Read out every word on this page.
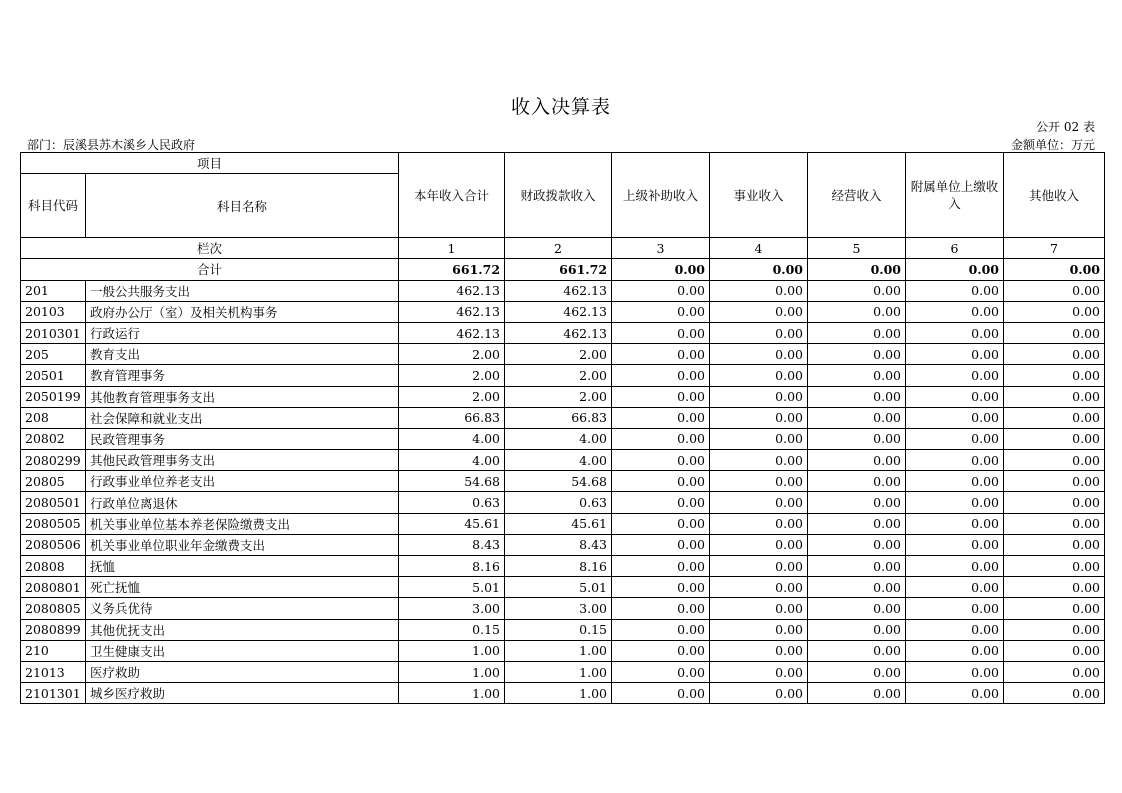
收入决算表
公开 02 表
部门：辰溪县苏木溪乡人民政府	金额单位：万元
项目		本年收入合计	财政拨款收入	上级补助收入	事业收入	经营收入	附属单位上缴收入	其他收入
科目代码	科目名称							
栏次		1	2	3	4	5	6	7
合计		661.72	661.72	0.00	0.00	0.00	0.00	0.00
201	一般公共服务支出	462.13	462.13	0.00	0.00	0.00	0.00	0.00
20103	政府办公厅（室）及相关机构事务	462.13	462.13	0.00	0.00	0.00	0.00	0.00
2010301	行政运行	462.13	462.13	0.00	0.00	0.00	0.00	0.00
205	教育支出	2.00	2.00	0.00	0.00	0.00	0.00	0.00
20501	教育管理事务	2.00	2.00	0.00	0.00	0.00	0.00	0.00
2050199	其他教育管理事务支出	2.00	2.00	0.00	0.00	0.00	0.00	0.00
208	社会保障和就业支出	66.83	66.83	0.00	0.00	0.00	0.00	0.00
20802	民政管理事务	4.00	4.00	0.00	0.00	0.00	0.00	0.00
2080299	其他民政管理事务支出	4.00	4.00	0.00	0.00	0.00	0.00	0.00
20805	行政事业单位养老支出	54.68	54.68	0.00	0.00	0.00	0.00	0.00
2080501	行政单位离退休	0.63	0.63	0.00	0.00	0.00	0.00	0.00
2080505	机关事业单位基本养老保险缴费支出	45.61	45.61	0.00	0.00	0.00	0.00	0.00
2080506	机关事业单位职业年金缴费支出	8.43	8.43	0.00	0.00	0.00	0.00	0.00
20808	抚恤	8.16	8.16	0.00	0.00	0.00	0.00	0.00
2080801	死亡抚恤	5.01	5.01	0.00	0.00	0.00	0.00	0.00
2080805	义务兵优待	3.00	3.00	0.00	0.00	0.00	0.00	0.00
2080899	其他优抚支出	0.15	0.15	0.00	0.00	0.00	0.00	0.00
210	卫生健康支出	1.00	1.00	0.00	0.00	0.00	0.00	0.00
21013	医疗救助	1.00	1.00	0.00	0.00	0.00	0.00	0.00
2101301	城乡医疗救助	1.00	1.00	0.00	0.00	0.00	0.00	0.00
